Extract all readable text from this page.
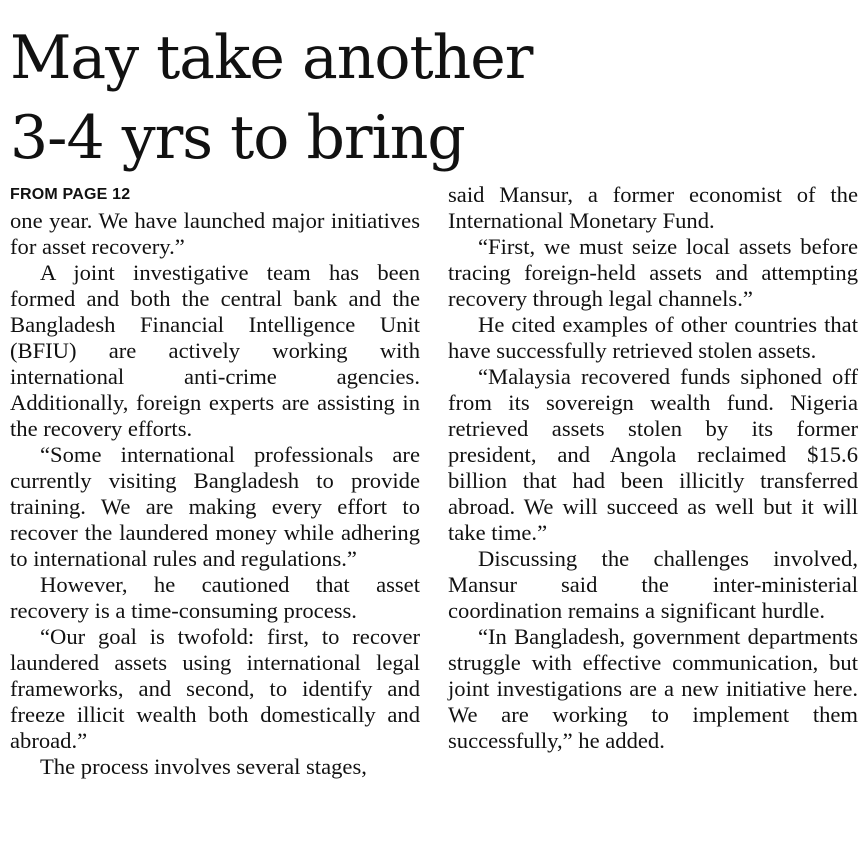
May take another
3-4 yrs to bring
FROM PAGE 12

one year. We have launched major initiatives for asset recovery.”

A joint investigative team has been formed and both the central bank and the Bangladesh Financial Intelligence Unit (BFIU) are actively working with international anti-crime agencies. Additionally, foreign experts are assisting in the recovery efforts.

“Some international professionals are currently visiting Bangladesh to provide training. We are making every effort to recover the laundered money while adhering to international rules and regulations.”

However, he cautioned that asset recovery is a time-consuming process.

“Our goal is twofold: first, to recover laundered assets using international legal frameworks, and second, to identify and freeze illicit wealth both domestically and abroad.”

The process involves several stages,

said Mansur, a former economist of the International Monetary Fund.

“First, we must seize local assets before tracing foreign-held assets and attempting recovery through legal channels.”

He cited examples of other countries that have successfully retrieved stolen assets.

“Malaysia recovered funds siphoned off from its sovereign wealth fund. Nigeria retrieved assets stolen by its former president, and Angola reclaimed $15.6 billion that had been illicitly transferred abroad. We will succeed as well but it will take time.”

Discussing the challenges involved, Mansur said the inter-ministerial coordination remains a significant hurdle.

“In Bangladesh, government departments struggle with effective communication, but joint investigations are a new initiative here. We are working to implement them successfully,” he added.
